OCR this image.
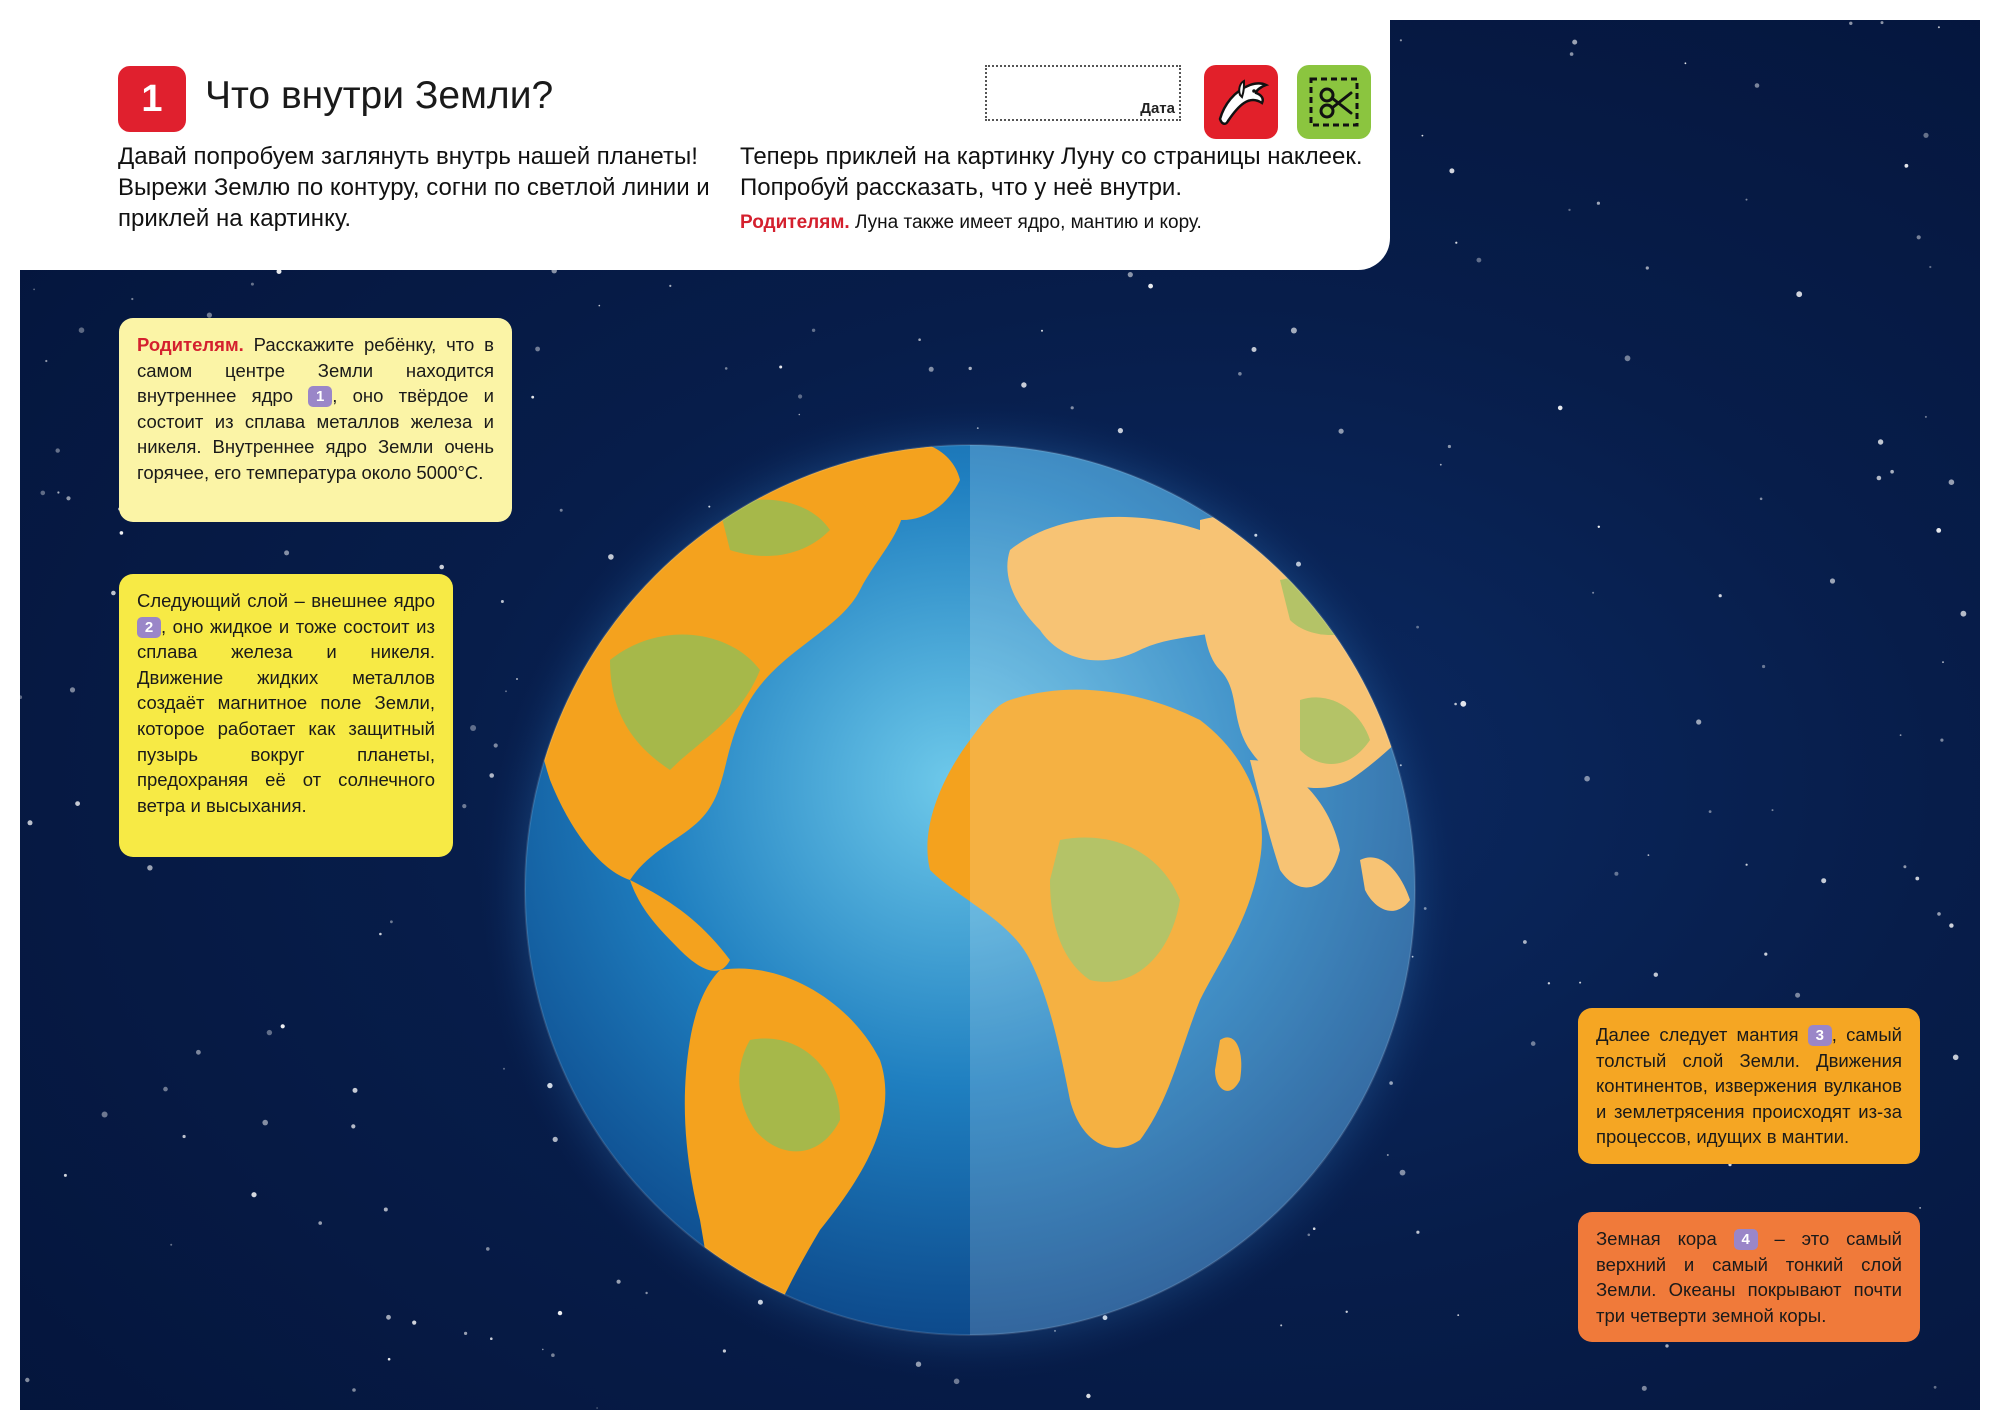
1	Что внутри Земли?	Дата
Давай попробуем заглянуть внутрь нашей планеты! Вырежи Землю по контуру, согни по светлой линии и приклей на картинку.
Теперь приклей на картинку Луну со страницы наклеек. Попробуй рассказать, что у неё внутри.
Родителям. Луна также имеет ядро, мантию и кору.
Родителям. Расскажите ребёнку, что в самом центре Земли находится внутреннее ядро 1 , оно твёрдое и состоит из сплава металлов железа и никеля. Внутреннее ядро Земли очень горячее, его температура около 5000°С.
Следующий слой – внешнее ядро 2 , оно жидкое и тоже состоит из сплава железа и никеля. Движение жидких металлов создаёт магнитное поле Земли, которое работает как защитный пузырь вокруг планеты, предохраняя её от солнечного ветра и высыхания.
Далее следует мантия 3 , самый толстый слой Земли. Движения континентов, извержения вулканов и землетрясения происходят из-за процессов, идущих в мантии.
Земная кора 4 – это самый верхний и самый тонкий слой Земли. Океаны покрывают почти три четверти земной коры.
